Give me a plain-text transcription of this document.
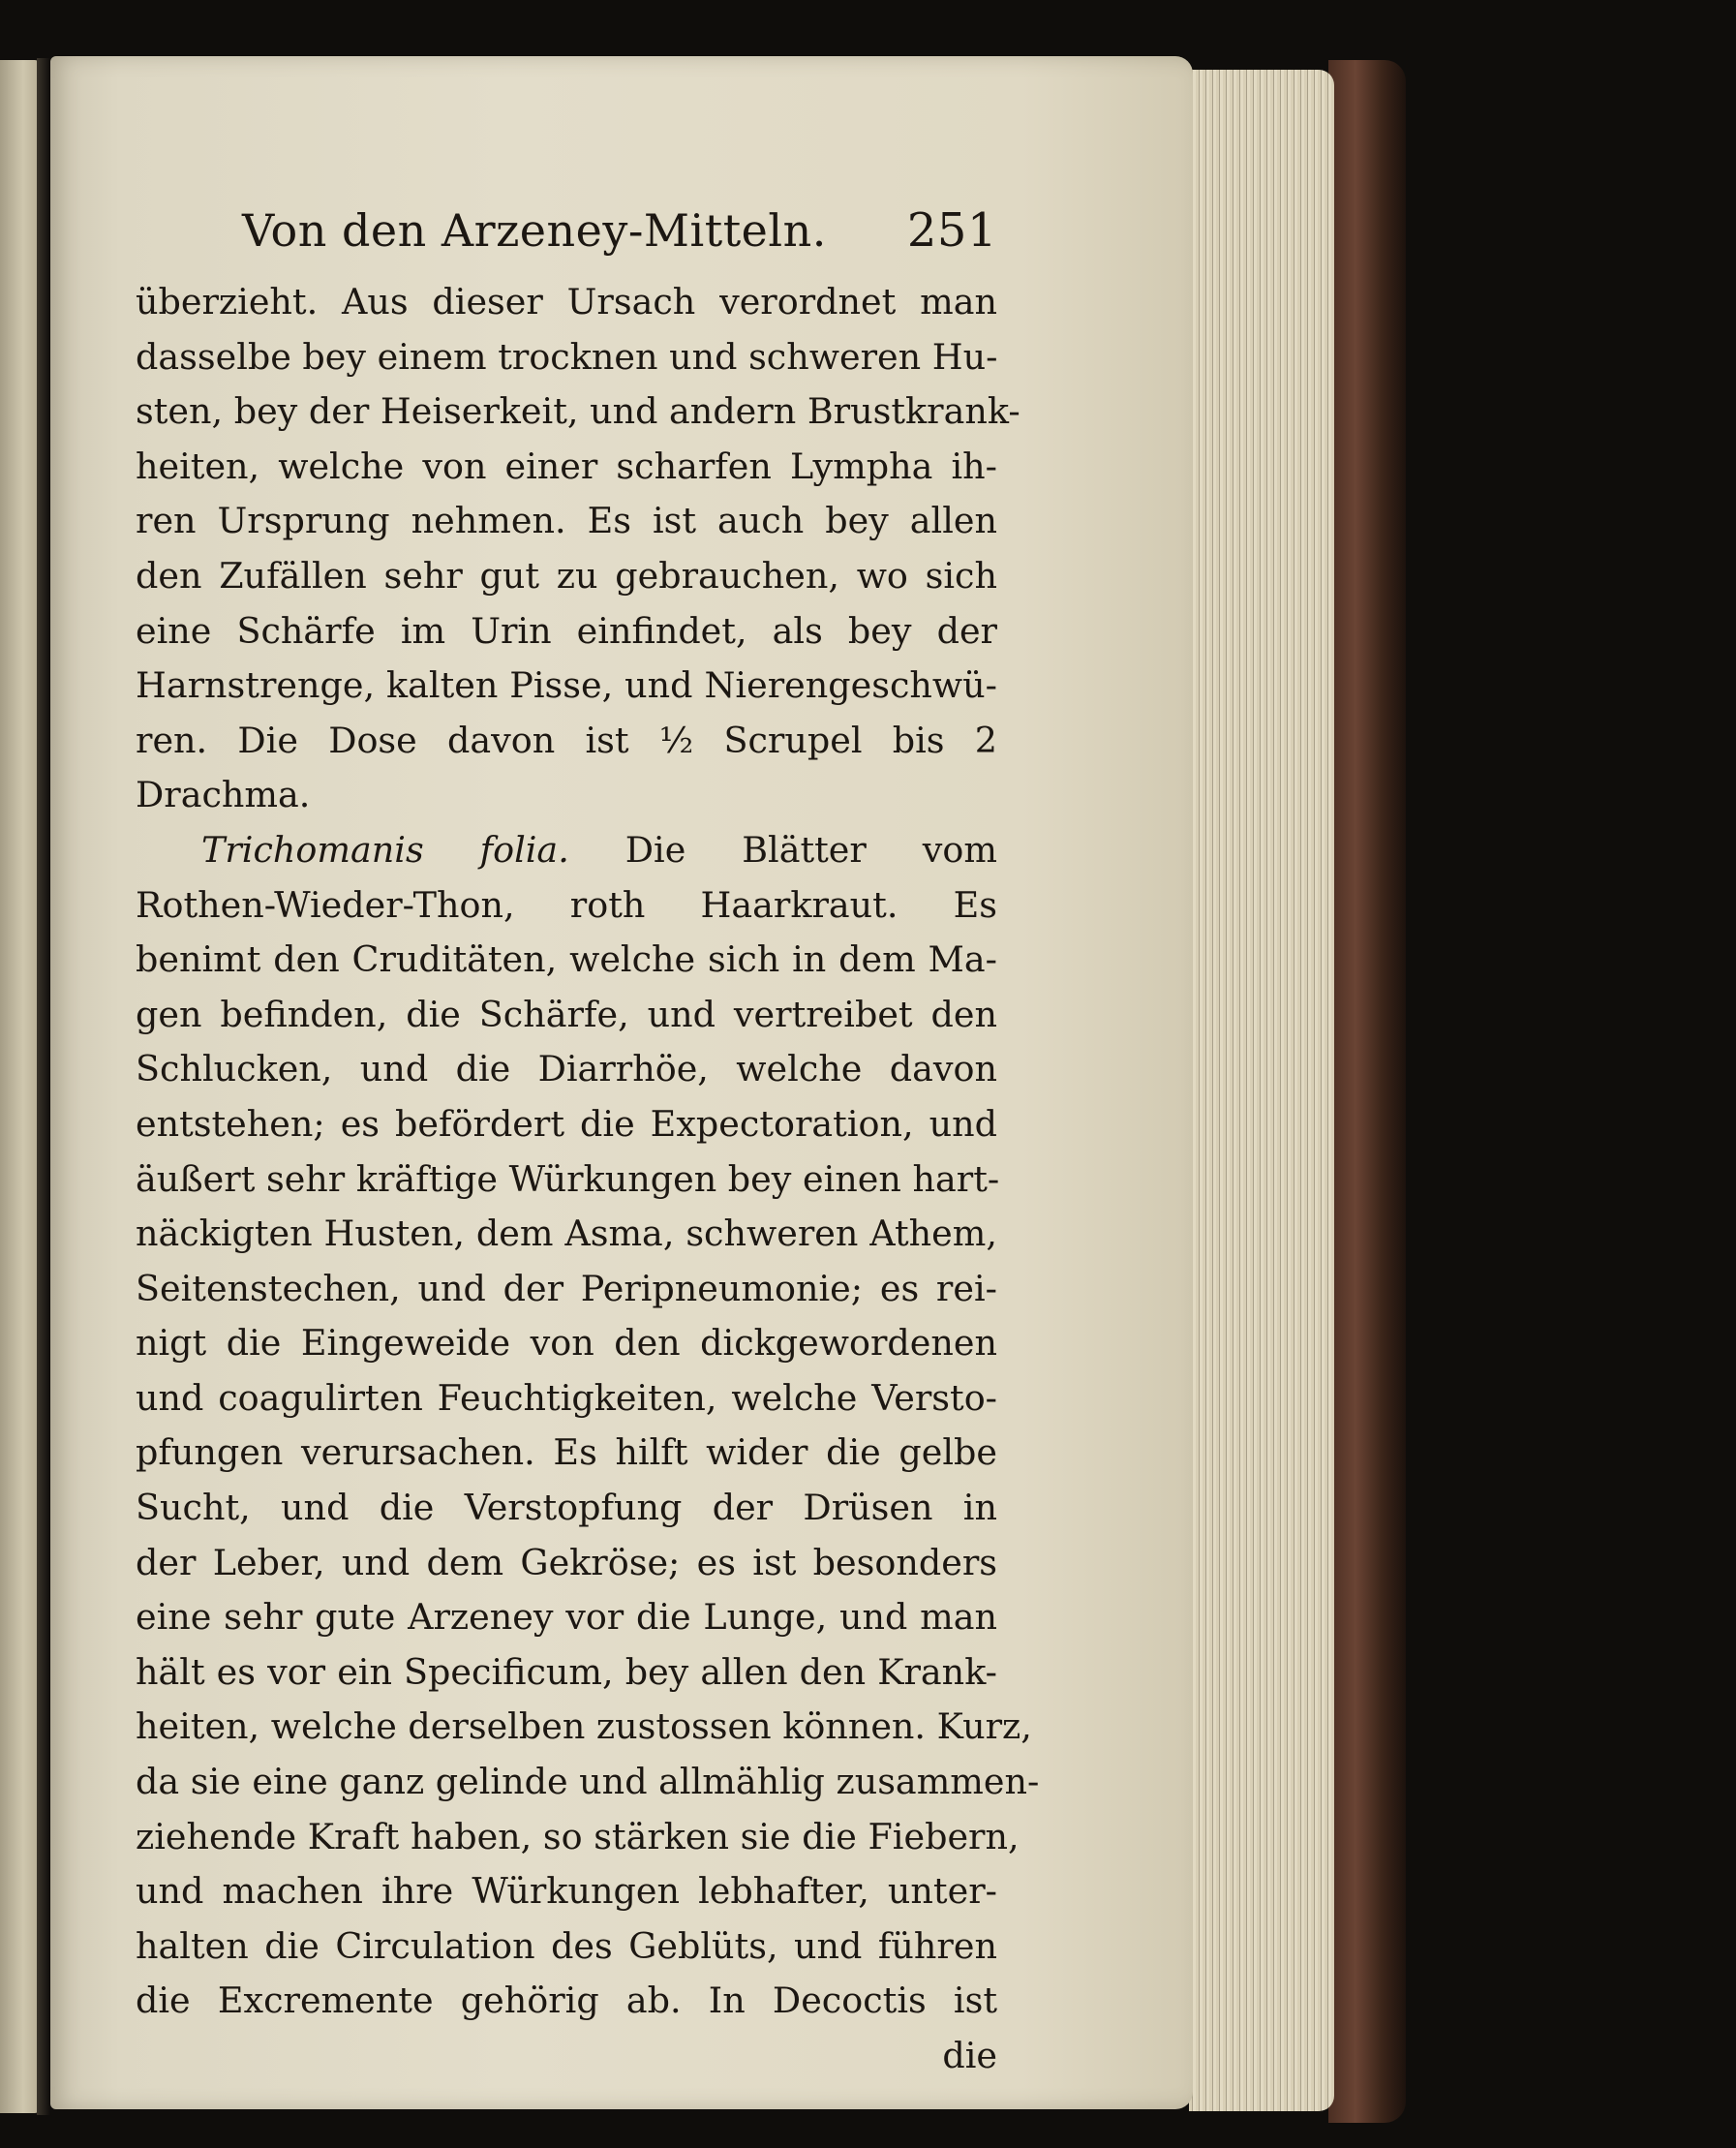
Von den Arzeney-Mitteln. 251
überzieht. Aus dieser Ursach verordnet man
dasselbe bey einem trocknen und schweren Hu-
sten, bey der Heiserkeit, und andern Brustkrank-
heiten, welche von einer scharfen Lympha ih-
ren Ursprung nehmen. Es ist auch bey allen
den Zufällen sehr gut zu gebrauchen, wo sich
eine Schärfe im Urin einfindet, als bey der
Harnstrenge, kalten Pisse, und Nierengeschwü-
ren. Die Dose davon ist ½ Scrupel bis 2
Drachma.
Trichomanis folia. Die Blätter vom
Rothen-Wieder-Thon, roth Haarkraut. Es
benimt den Cruditäten, welche sich in dem Ma-
gen befinden, die Schärfe, und vertreibet den
Schlucken, und die Diarrhöe, welche davon
entstehen; es befördert die Expectoration, und
äußert sehr kräftige Würkungen bey einen hart-
näckigten Husten, dem Asma, schweren Athem,
Seitenstechen, und der Peripneumonie; es rei-
nigt die Eingeweide von den dickgewordenen
und coagulirten Feuchtigkeiten, welche Versto-
pfungen verursachen. Es hilft wider die gelbe
Sucht, und die Verstopfung der Drüsen in
der Leber, und dem Gekröse; es ist besonders
eine sehr gute Arzeney vor die Lunge, und man
hält es vor ein Specificum, bey allen den Krank-
heiten, welche derselben zustossen können. Kurz,
da sie eine ganz gelinde und allmählig zusammen-
ziehende Kraft haben, so stärken sie die Fiebern,
und machen ihre Würkungen lebhafter, unter-
halten die Circulation des Geblüts, und führen
die Excremente gehörig ab. In Decoctis ist
die
